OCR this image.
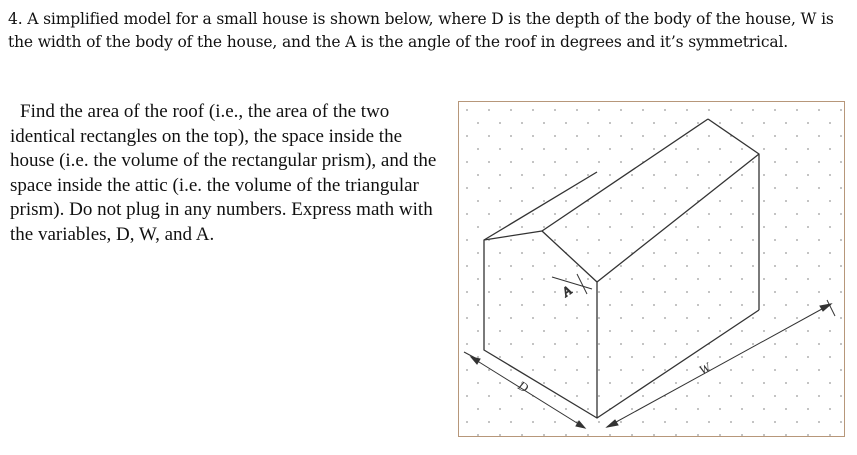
4. A simplified model for a small house is shown below, where D is the depth of the body of the house, W is the width of the body of the house, and the A is the angle of the roof in degrees and it’s symmetrical.

Find the area of the roof (i.e., the area of the two identical rectangles on the top), the space inside the house (i.e. the volume of the rectangular prism), and the space inside the attic (i.e. the volume of the triangular prism). Do not plug in any numbers. Express math with the variables, D, W, and A.

A
D
W
